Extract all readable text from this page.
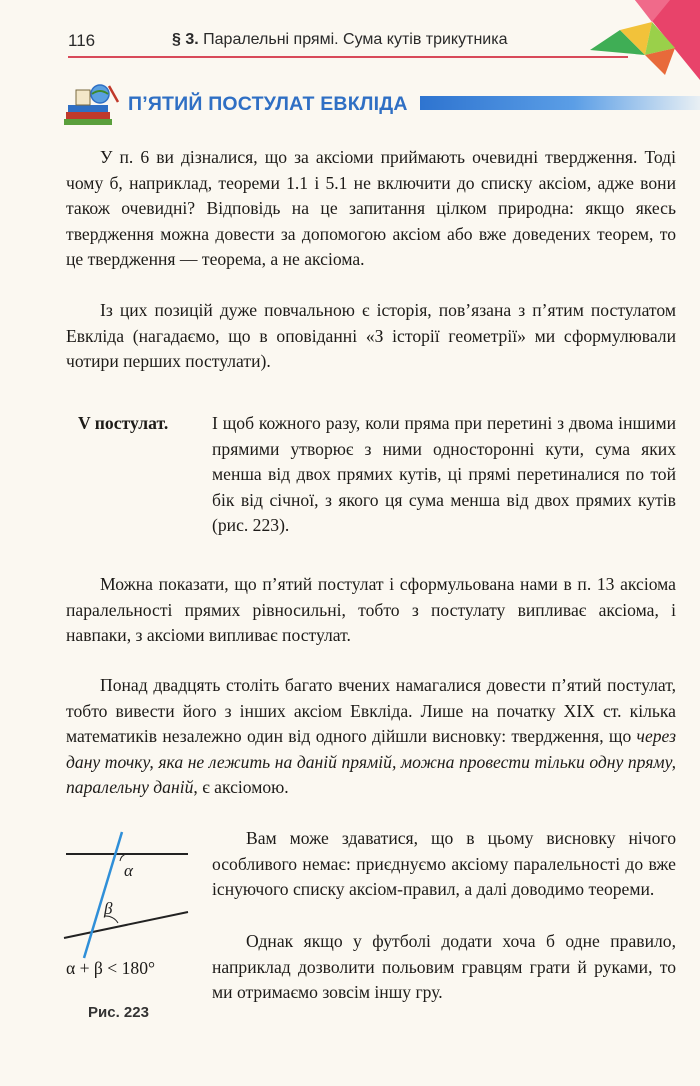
116	§ 3. Паралельні прямі. Сума кутів трикутника
П’ЯТИЙ ПОСТУЛАТ ЕВКЛІДА

У п. 6 ви дізналися, що за аксіоми приймають очевидні твердження. Тоді чому б, наприклад, теореми 1.1 і 5.1 не включити до списку аксіом, адже вони також очевидні? Відповідь на це запитання цілком природна: якщо якесь твердження можна довести за допомогою аксіом або вже доведених теорем, то це твердження — теорема, а не аксіома.

Із цих позицій дуже повчальною є історія, пов’язана з п’ятим постулатом Евкліда (нагадаємо, що в оповіданні «З історії геометрії» ми сформулювали чотири перших постулати).

V постулат. І щоб кожного разу, коли пряма при перетині з двома іншими прямими утворює з ними односторонні кути, сума яких менша від двох прямих кутів, ці прямі перетиналися по той бік від січної, з якого ця сума менша від двох прямих кутів (рис. 223).

Можна показати, що п’ятий постулат і сформульована нами в п. 13 аксіома паралельності прямих рівносильні, тобто з постулату випливає аксіома, і навпаки, з аксіоми випливає постулат.

Понад двадцять століть багато вчених намагалися довести п’ятий постулат, тобто вивести його з інших аксіом Евкліда. Лише на початку XIX ст. кілька математиків незалежно один від одного дійшли висновку: твердження, що через дану точку, яка не лежить на даній прямій, можна провести тільки одну пряму, паралельну даній, є аксіомою.

α
β
α + β < 180°
Рис. 223

Вам може здаватися, що в цьому висновку нічого особливого немає: приєднуємо аксіому паралельності до вже існуючого списку аксіом-правил, а далі доводимо теореми.

Однак якщо у футболі додати хоча б одне правило, наприклад дозволити польовим гравцям грати й руками, то ми отримаємо зовсім іншу гру.
